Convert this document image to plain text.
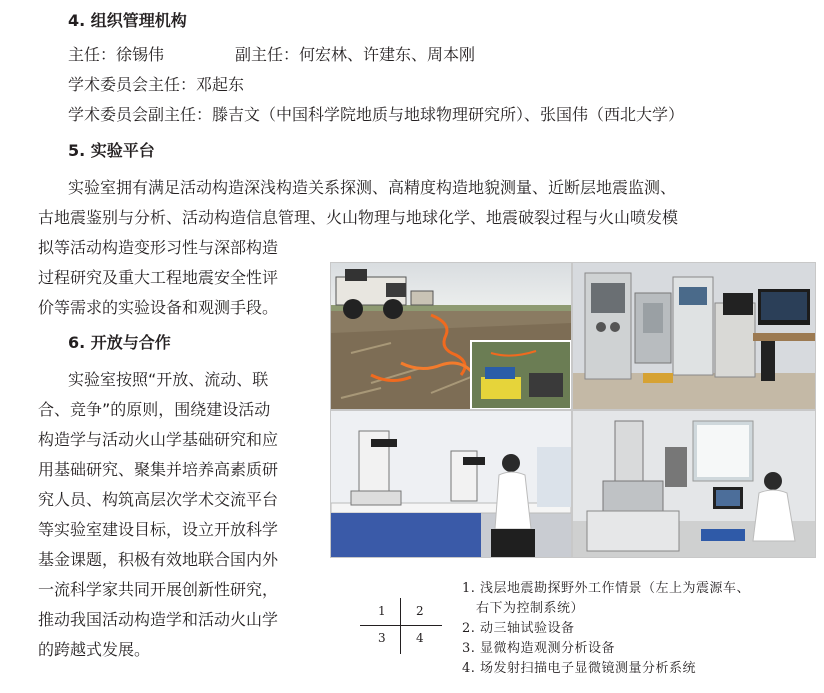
4. 组织管理机构
主任：徐锡伟	副主任：何宏林、许建东、周本刚
学术委员会主任：邓起东
学术委员会副主任：滕吉文（中国科学院地质与地球物理研究所）、张国伟（西北大学）
5. 实验平台
实验室拥有满足活动构造深浅构造关系探测、高精度构造地貌测量、近断层地震监测、
古地震鉴别与分析、活动构造信息管理、火山物理与地球化学、地震破裂过程与火山喷发模
拟等活动构造变形习性与深部构造
过程研究及重大工程地震安全性评
价等需求的实验设备和观测手段。
6. 开放与合作
实验室按照“开放、流动、联
合、竞争”的原则，围绕建设活动
构造学与活动火山学基础研究和应
用基础研究、聚集并培养高素质研
究人员、构筑高层次学术交流平台
等实验室建设目标，设立开放科学
基金课题，积极有效地联合国内外
一流科学家共同开展创新性研究，
推动我国活动构造学和活动火山学
的跨越式发展。
1	2
3	4
1. 浅层地震勘探野外工作情景（左上为震源车、
右下为控制系统）
2. 动三轴试验设备
3. 显微构造观测分析设备
4. 场发射扫描电子显微镜测量分析系统
